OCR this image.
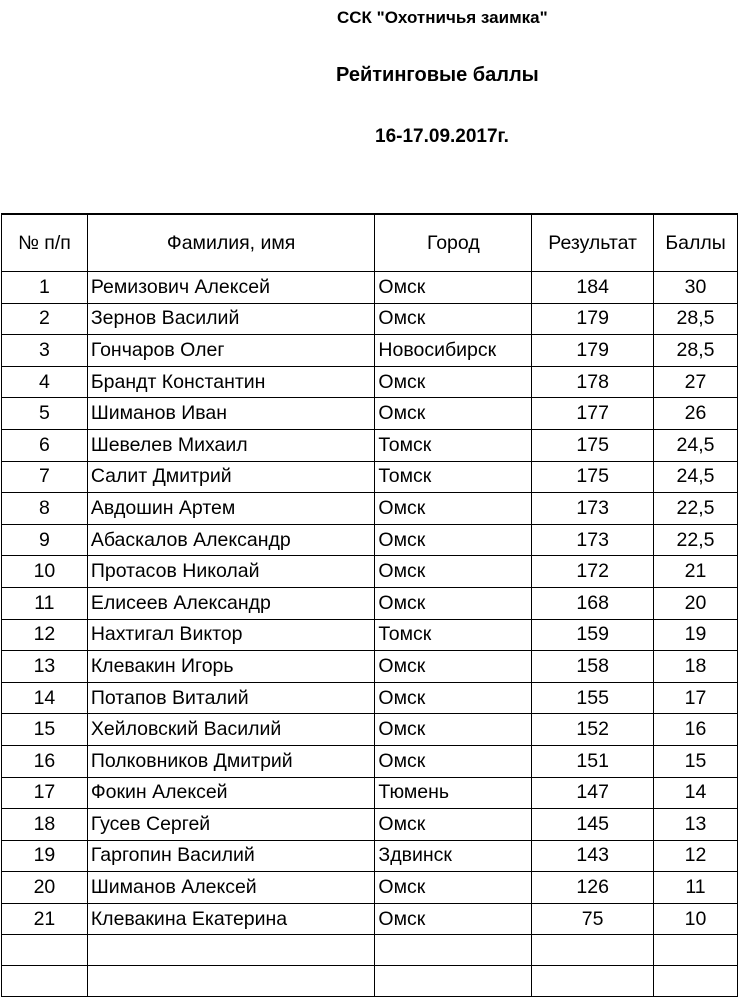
ССК "Охотничья заимка"
Рейтинговые баллы
16-17.09.2017г.
№ п/п	Фамилия, имя	Город	Результат	Баллы
1	Ремизович Алексей	Омск	184	30
2	Зернов Василий	Омск	179	28,5
3	Гончаров Олег	Новосибирск	179	28,5
4	Брандт Константин	Омск	178	27
5	Шиманов Иван	Омск	177	26
6	Шевелев Михаил	Томск	175	24,5
7	Салит Дмитрий	Томск	175	24,5
8	Авдошин Артем	Омск	173	22,5
9	Абаскалов Александр	Омск	173	22,5
10	Протасов Николай	Омск	172	21
11	Елисеев Александр	Омск	168	20
12	Нахтигал Виктор	Томск	159	19
13	Клевакин Игорь	Омск	158	18
14	Потапов Виталий	Омск	155	17
15	Хейловский Василий	Омск	152	16
16	Полковников Дмитрий	Омск	151	15
17	Фокин Алексей	Тюмень	147	14
18	Гусев Сергей	Омск	145	13
19	Гаргопин Василий	Здвинск	143	12
20	Шиманов Алексей	Омск	126	11
21	Клевакина Екатерина	Омск	75	10
